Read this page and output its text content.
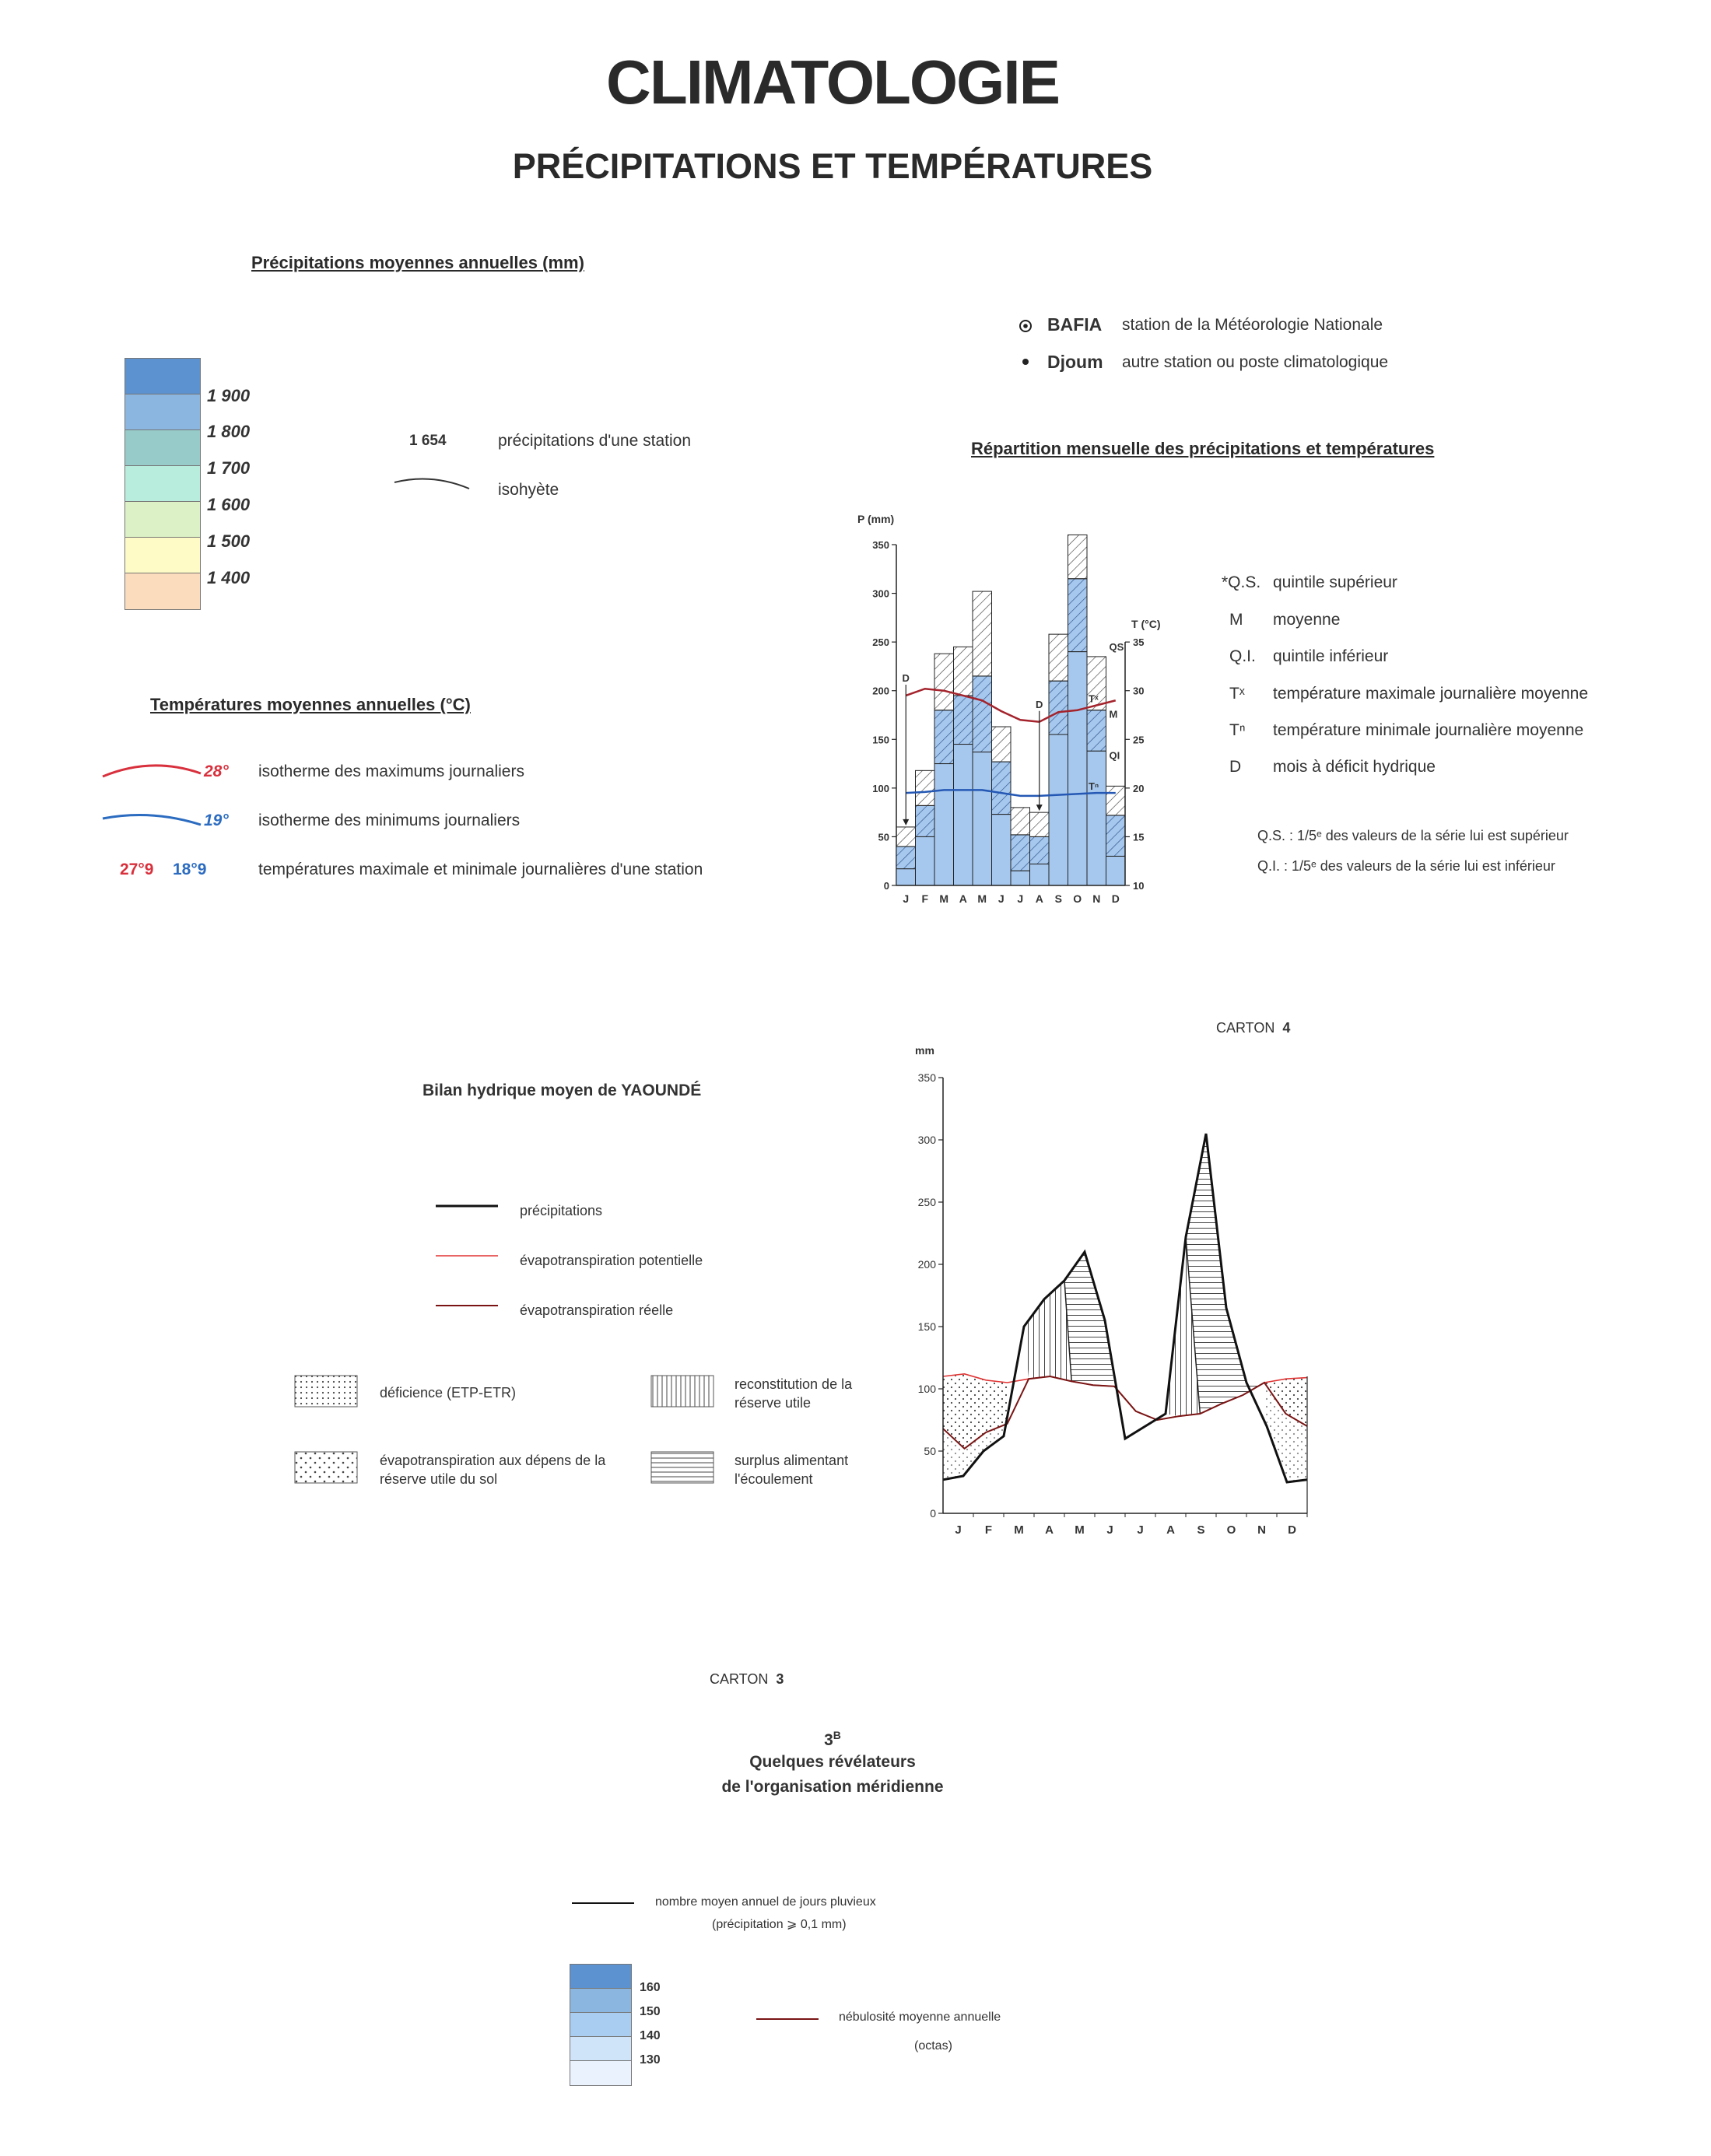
CLIMATOLOGIE
PRÉCIPITATIONS ET TEMPÉRATURES
Précipitations moyennes annuelles (mm)
1 900
1 800
1 700
1 600
1 500
1 400
1 654	précipitations d'une station
isohyète
Températures moyennes annuelles (°C)
28° isotherme des maximums journaliers
19° isotherme des minimums journaliers
27°9 18°9	températures maximale et minimale journalières d'une station
BAFIA station de la Météorologie Nationale
Djoum autre station ou poste climatologique
Répartition mensuelle des précipitations et températures
P (mm)
0
50
100
150
200
250
300
350
J F M A M J J A S O N D
T (°C)
10
15
20
25
30
35
QS
M
QI
Tˣ
Tⁿ
D
D
*Q.S. quintile supérieur
M moyenne
Q.I. quintile inférieur
Tˣ température maximale journalière moyenne
Tⁿ température minimale journalière moyenne
D mois à déficit hydrique
Q.S. : 1/5ᵉ des valeurs de la série lui est supérieur
Q.I. : 1/5ᵉ des valeurs de la série lui est inférieur
CARTON 4
Bilan hydrique moyen de YAOUNDÉ
précipitations
évapotranspiration potentielle
évapotranspiration réelle
déficience (ETP-ETR)
évapotranspiration aux dépens de la réserve utile du sol
reconstitution de la réserve utile
surplus alimentant l'écoulement
mm
0
50
100
150
200
250
300
350
J F M A M J J A S O N D
CARTON 3
$3^B$
Quelques révélateurs
de l'organisation méridienne
nombre moyen annuel de jours pluvieux
(précipitation ⩾ 0,1 mm)
160
150
140
130
nébulosité moyenne annuelle
(octas)
